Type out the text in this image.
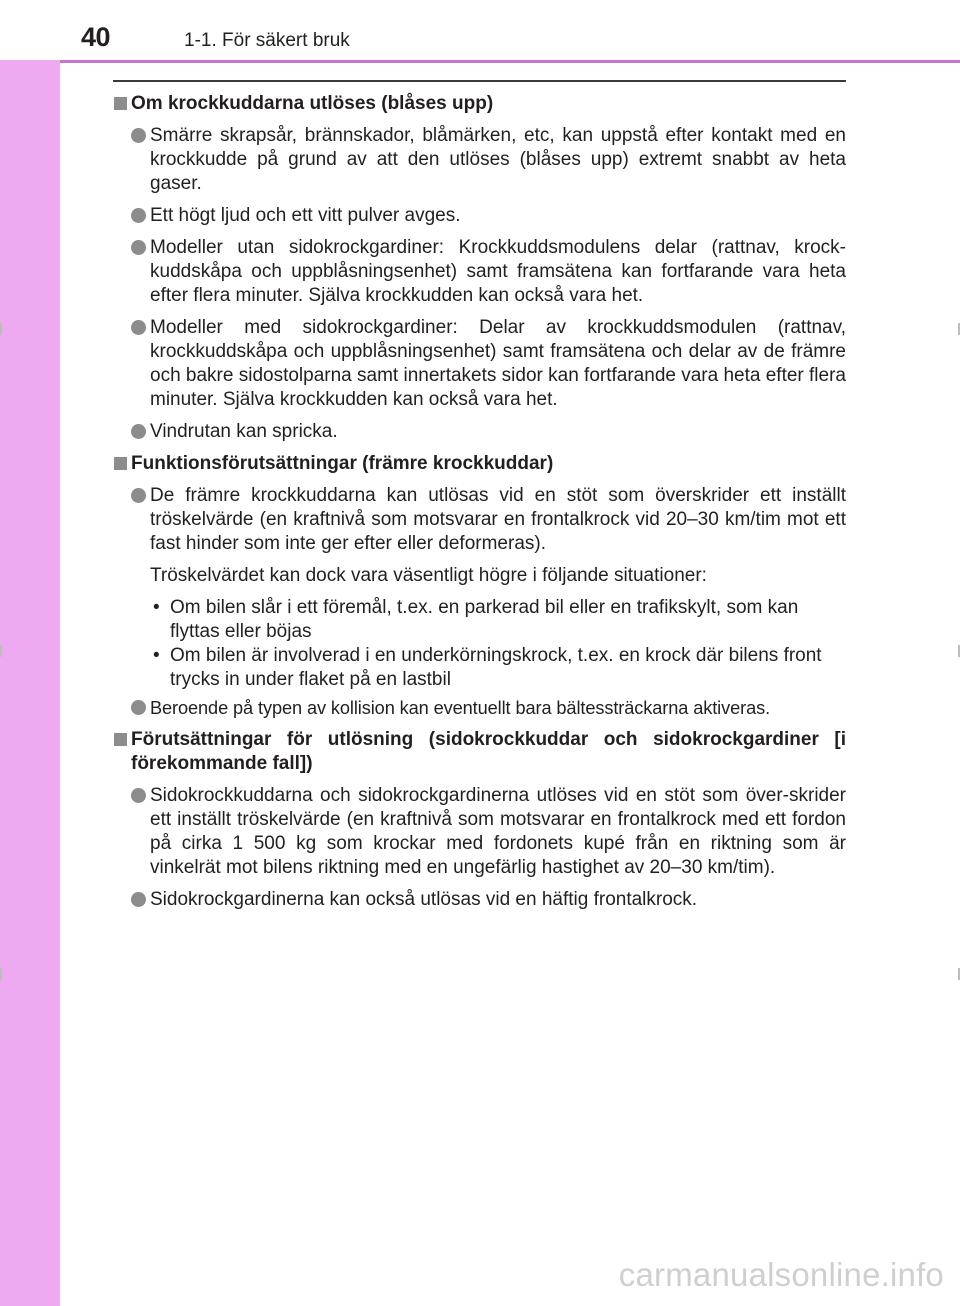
40	1-1. För säkert bruk
Om krockkuddarna utlöses (blåses upp)
Smärre skrapsår, brännskador, blåmärken, etc, kan uppstå efter kontakt med en krockkudde på grund av att den utlöses (blåses upp) extremt snabbt av heta gaser.
Ett högt ljud och ett vitt pulver avges.
Modeller utan sidokrockgardiner: Krockkuddsmodulens delar (rattnav, krock-kuddskåpa och uppblåsningsenhet) samt framsätena kan fortfarande vara heta efter flera minuter. Själva krockkudden kan också vara het.
Modeller med sidokrockgardiner: Delar av krockkuddsmodulen (rattnav, krockkuddskåpa och uppblåsningsenhet) samt framsätena och delar av de främre och bakre sidostolparna samt innertakets sidor kan fortfarande vara heta efter flera minuter. Själva krockkudden kan också vara het.
Vindrutan kan spricka.
Funktionsförutsättningar (främre krockkuddar)
De främre krockkuddarna kan utlösas vid en stöt som överskrider ett inställt tröskelvärde (en kraftnivå som motsvarar en frontalkrock vid 20–30 km/tim mot ett fast hinder som inte ger efter eller deformeras).
Tröskelvärdet kan dock vara väsentligt högre i följande situationer:
• Om bilen slår i ett föremål, t.ex. en parkerad bil eller en trafikskylt, som kan flyttas eller böjas
• Om bilen är involverad i en underkörningskrock, t.ex. en krock där bilens front trycks in under flaket på en lastbil
Beroende på typen av kollision kan eventuellt bara bältessträckarna aktiveras.
Förutsättningar för utlösning (sidokrockkuddar och sidokrockgardiner [i förekommande fall])
Sidokrockkuddarna och sidokrockgardinerna utlöses vid en stöt som över-skrider ett inställt tröskelvärde (en kraftnivå som motsvarar en frontalkrock med ett fordon på cirka 1 500 kg som krockar med fordonets kupé från en riktning som är vinkelrät mot bilens riktning med en ungefärlig hastighet av 20–30 km/tim).
Sidokrockgardinerna kan också utlösas vid en häftig frontalkrock.
carmanualsonline.info
